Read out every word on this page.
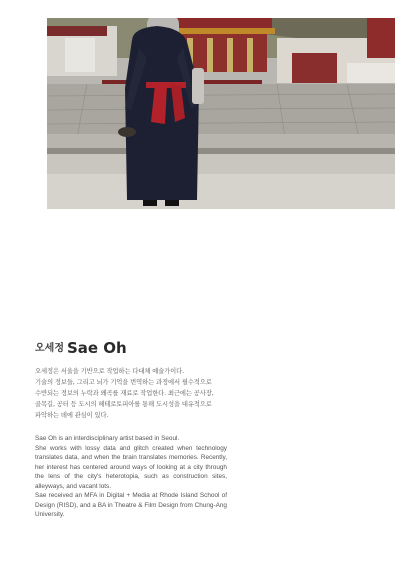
오세정 Sae Oh

오세정은 서울을 기반으로 작업하는 다대체 예술가이다.

기술의 정보들, 그리고 뇌가 기억을 번역하는 과정에서 필수적으로

수반되는 정보의 누락과 왜곡를 재료로 작업한다. 최근에는 공사장,

골목길, 공터 등 도시의 헤테로토피아를 통해 도시성을 대유적으로

파악하는 데에 관심이 있다.

Sae Oh is an interdisciplinary artist based in Seoul.

She works with lossy data and glitch created when technology translates data, and when the brain translates memories. Recently, her interest has centered around ways of looking at a city through the lens of the city's heterotopia, such as construction sites, alleyways, and vacant lots.

Sae received an MFA in Digital + Media at Rhode Island School of Design (RISD), and a BA in Theatre & Film Design from Chung-Ang University.
